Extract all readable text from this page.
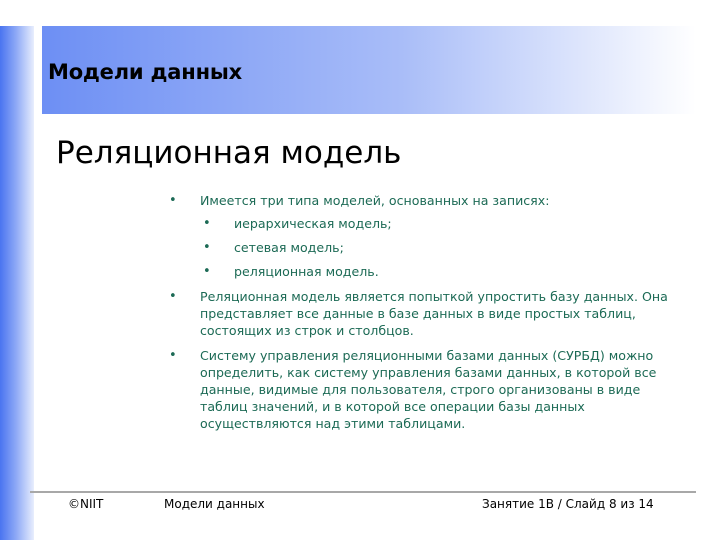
Модели данных
Реляционная модель
• Имеется три типа моделей, основанных на записях:
• иерархическая модель;
• сетевая модель;
• реляционная модель.
• Реляционная модель является попыткой упростить базу данных. Она представляет все данные в базе данных в виде простых таблиц, состоящих из строк и столбцов.
• Систему управления реляционными базами данных (СУРБД) можно определить, как систему управления базами данных, в которой все данные, видимые для пользователя, строго организованы в виде таблиц значений, и в которой все операции базы данных осуществляются над этими таблицами.
©NIIT	Модели данных	Занятие 1В / Слайд 8 из 14
